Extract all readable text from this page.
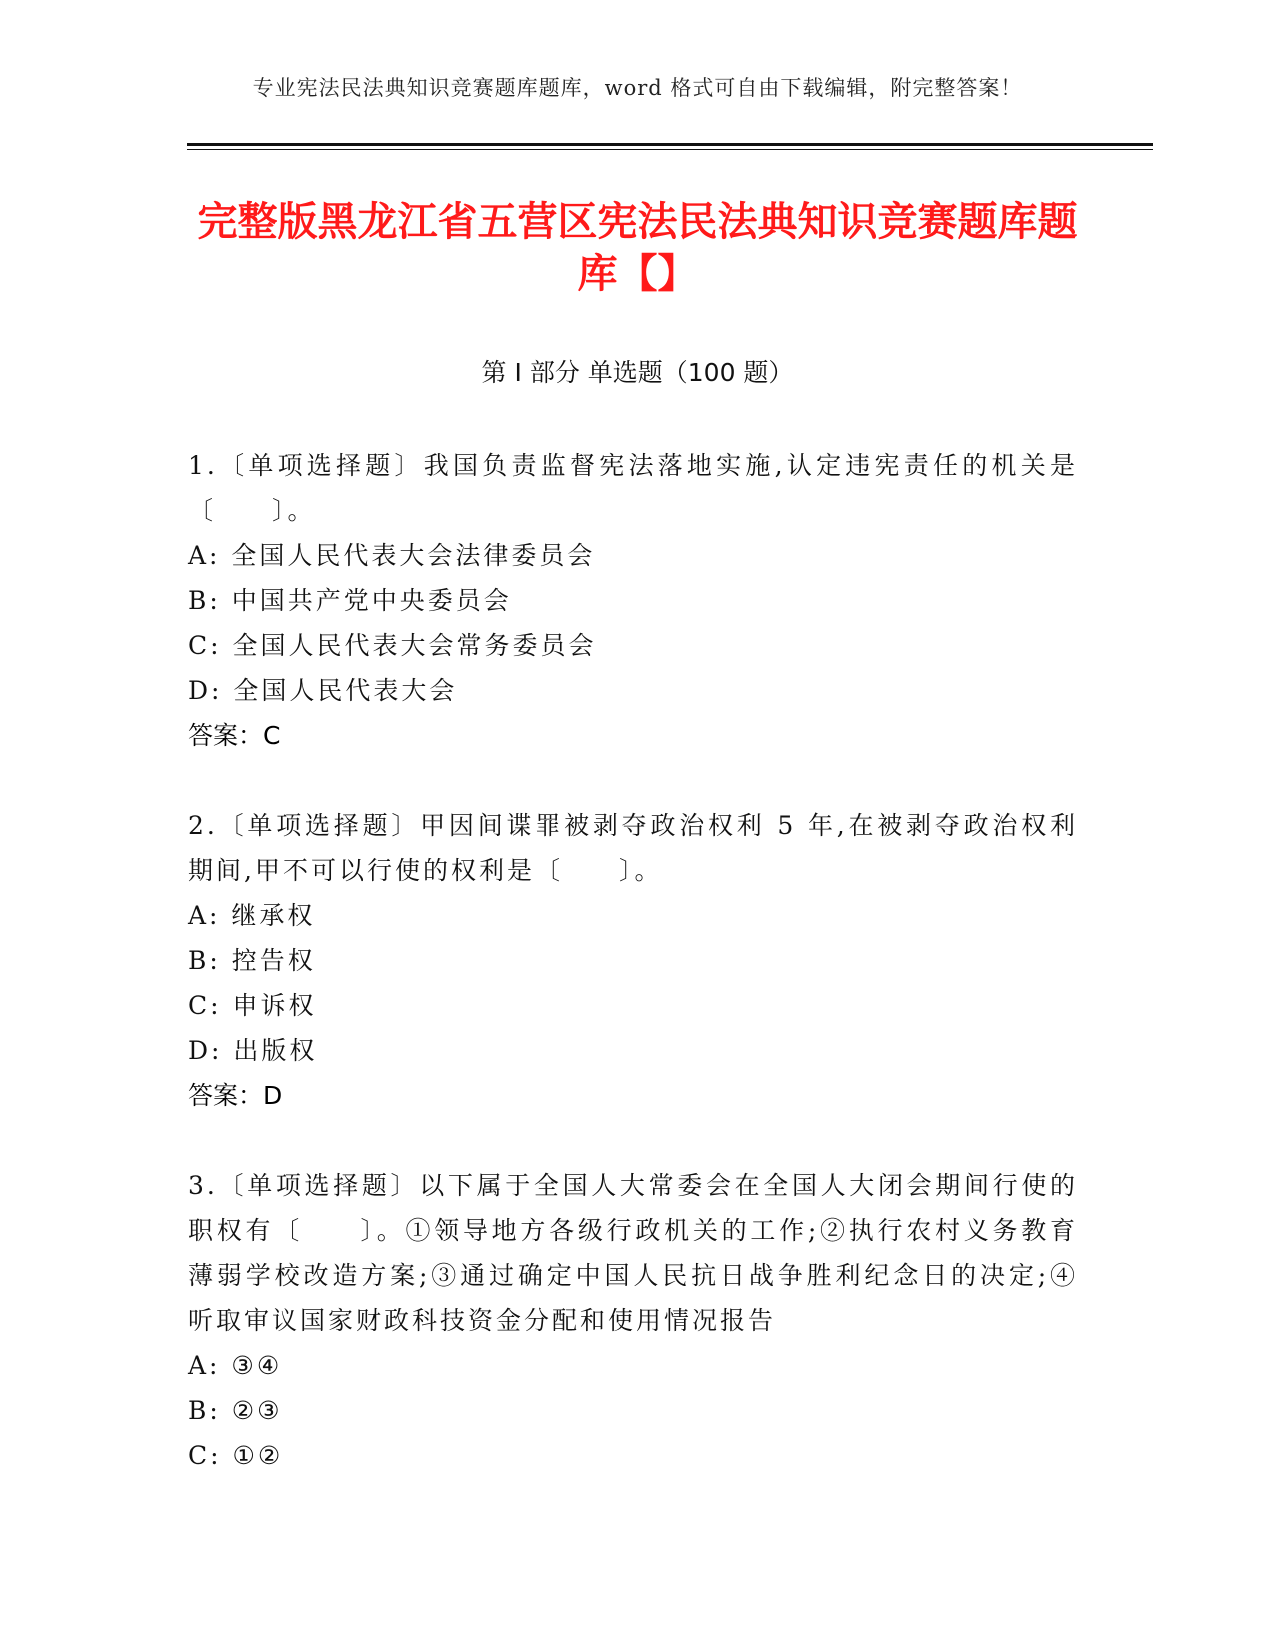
专业宪法民法典知识竞赛题库题库，word 格式可自由下载编辑，附完整答案！
完整版黑龙江省五营区宪法民法典知识竞赛题库题库【】
第 I 部分 单选题（100 题）
1.〔单项选择题〕我国负责监督宪法落地实施,认定违宪责任的机关是〔　　〕。
A: 全国人民代表大会法律委员会
B: 中国共产党中央委员会
C: 全国人民代表大会常务委员会
D: 全国人民代表大会
答案：C
2.〔单项选择题〕甲因间谍罪被剥夺政治权利 5 年,在被剥夺政治权利期间,甲不可以行使的权利是〔　　〕。
A: 继承权
B: 控告权
C: 申诉权
D: 出版权
答案：D
3.〔单项选择题〕以下属于全国人大常委会在全国人大闭会期间行使的职权有〔　　〕。①领导地方各级行政机关的工作;②执行农村义务教育薄弱学校改造方案;③通过确定中国人民抗日战争胜利纪念日的决定;④听取审议国家财政科技资金分配和使用情况报告
A: ③④
B: ②③
C: ①②
